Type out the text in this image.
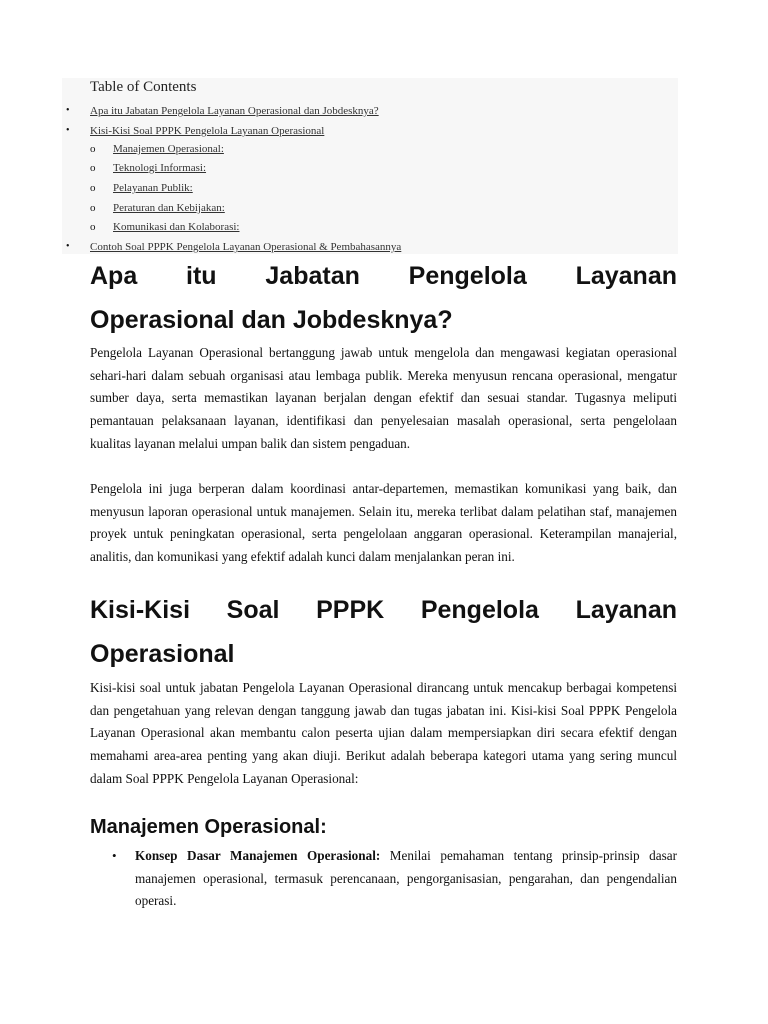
Table of Contents
• Apa itu Jabatan Pengelola Layanan Operasional dan Jobdesknya?
• Kisi-Kisi Soal PPPK Pengelola Layanan Operasional
o Manajemen Operasional:
o Teknologi Informasi:
o Pelayanan Publik:
o Peraturan dan Kebijakan:
o Komunikasi dan Kolaborasi:
• Contoh Soal PPPK Pengelola Layanan Operasional & Pembahasannya
Apa itu Jabatan Pengelola Layanan
Operasional dan Jobdesknya?

Pengelola Layanan Operasional bertanggung jawab untuk mengelola dan mengawasi kegiatan operasional sehari-hari dalam sebuah organisasi atau lembaga publik. Mereka menyusun rencana operasional, mengatur sumber daya, serta memastikan layanan berjalan dengan efektif dan sesuai standar. Tugasnya meliputi pemantauan pelaksanaan layanan, identifikasi dan penyelesaian masalah operasional, serta pengelolaan kualitas layanan melalui umpan balik dan sistem pengaduan.

Pengelola ini juga berperan dalam koordinasi antar-departemen, memastikan komunikasi yang baik, dan menyusun laporan operasional untuk manajemen. Selain itu, mereka terlibat dalam pelatihan staf, manajemen proyek untuk peningkatan operasional, serta pengelolaan anggaran operasional. Keterampilan manajerial, analitis, dan komunikasi yang efektif adalah kunci dalam menjalankan peran ini.

Kisi-Kisi Soal PPPK Pengelola Layanan
Operasional

Kisi-kisi soal untuk jabatan Pengelola Layanan Operasional dirancang untuk mencakup berbagai kompetensi dan pengetahuan yang relevan dengan tanggung jawab dan tugas jabatan ini. Kisi-kisi Soal PPPK Pengelola Layanan Operasional akan membantu calon peserta ujian dalam mempersiapkan diri secara efektif dengan memahami area-area penting yang akan diuji. Berikut adalah beberapa kategori utama yang sering muncul dalam Soal PPPK Pengelola Layanan Operasional:

Manajemen Operasional:
• Konsep Dasar Manajemen Operasional: Menilai pemahaman tentang prinsip-prinsip dasar manajemen operasional, termasuk perencanaan, pengorganisasian, pengarahan, dan pengendalian operasi.
